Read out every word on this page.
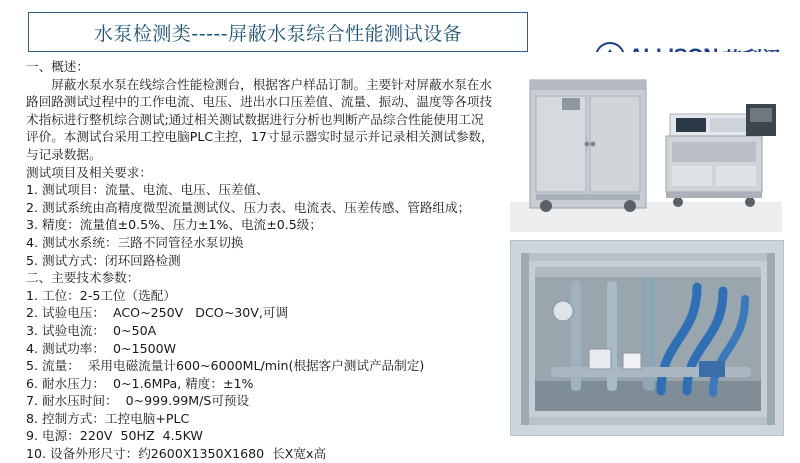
水泵检测类-----屏蔽水泵综合性能测试设备

一、概述：

屏蔽水泵水泵在线综合性能检测台，根据客户样品订制。主要针对屏蔽水泵在水路回路测试过程中的工作电流、电压、进出水口压差值、流量、振动、温度等各项技术指标进行整机综合测试;通过相关测试数据进行分析也判断产品综合性能使用工况评价。本测试台采用工控电脑PLC主控，17寸显示器实时显示并记录相关测试参数，与记录数据。

测试项目及相关要求：

1. 测试项目：流量、电流、电压、压差值、

2. 测试系统由高精度微型流量测试仪、压力表、电流表、压差传感、管路组成；

3. 精度：流量值±0.5%、压力±1%、电流±0.5级；

4. 测试水系统：三路不同管径水泵切换

5. 测试方式：闭环回路检测

二、主要技术参数：

1. 工位：2-5工位（选配）

2. 试验电压：  ACO~250V   DCO~30V,可调

3. 试验电流：  0~50A

4. 测试功率：  0~1500W

5. 流量：  采用电磁流量计600~6000ML/min(根据客户测试产品制定)

6. 耐水压力：  0~1.6MPa, 精度：±1%

7. 耐水压时间：  0~999.99M/S可预设

8. 控制方式：工控电脑+PLC

9. 电源：220V  50HZ  4.5KW

10. 设备外形尺寸：约2600X1350X1680  长X宽x高
